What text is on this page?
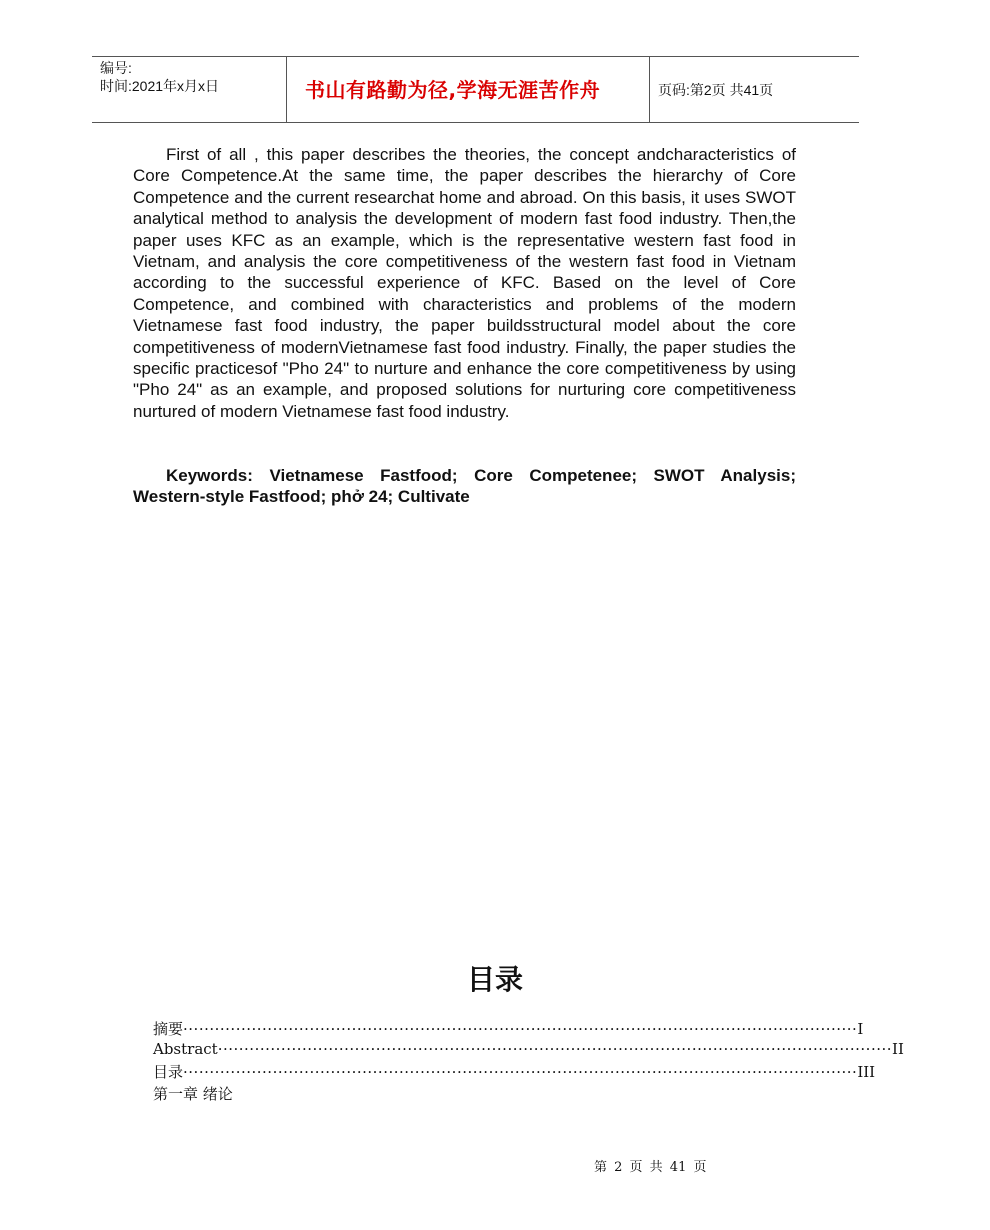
编号:
时间:2021年x月x日	书山有路勤为径,学海无涯苦作舟	页码:第2页 共41页

First of all , this paper describes the theories, the concept andcharacteristics of Core Competence.At the same time, the paper describes the hierarchy of Core Competence and the current researchat home and abroad. On this basis, it uses SWOT analytical method to analysis the development of modern fast food industry. Then,the paper uses KFC as an example, which is the representative western fast food in Vietnam, and analysis the core competitiveness of the western fast food in Vietnam according to the successful experience of KFC. Based on the level of Core Competence, and combined with characteristics and problems of the modern Vietnamese fast food industry, the paper buildsstructural model about the core competitiveness of modernVietnamese fast food industry. Finally, the paper studies the specific practicesof "Pho 24" to nurture and enhance the core competitiveness by using "Pho 24" as an example, and proposed solutions for nurturing core competitiveness nurtured of modern Vietnamese fast food industry.

Keywords: Vietnamese Fastfood; Core Competenee; SWOT Analysis; Western-style Fastfood; phở 24; Cultivate

目录
摘要 ································································································································ I
Abstract ································································································································ II
目录 ································································································································ III
第一章 绪论
第 2 页 共 41 页
